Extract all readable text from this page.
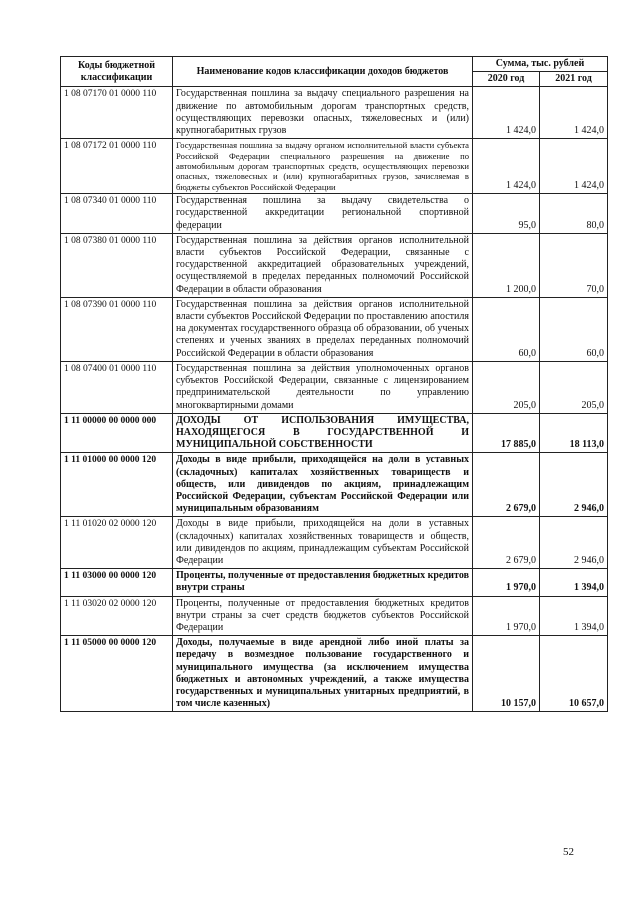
Коды бюджетной классификации	Наименование кодов классификации доходов бюджетов	Сумма, тыс. рублей	
		2020 год	2021 год
1 08 07170 01 0000 110	Государственная пошлина за выдачу специального разрешения на движение по автомобильным дорогам транспортных средств, осуществляющих перевозки опасных, тяжеловесных и (или) крупногабаритных грузов	1 424,0	1 424,0
1 08 07172 01 0000 110	Государственная пошлина за выдачу органом исполнительной власти субъекта Российской Федерации специального разрешения на движение по автомобильным дорогам транспортных средств, осуществляющих перевозки опасных, тяжеловесных и (или) крупногабаритных грузов, зачисляемая в бюджеты субъектов Российской Федерации	1 424,0	1 424,0
1 08 07340 01 0000 110	Государственная пошлина за выдачу свидетельства о государственной аккредитации региональной спортивной федерации	95,0	80,0
1 08 07380 01 0000 110	Государственная пошлина за действия органов исполнительной власти субъектов Российской Федерации, связанные с государственной аккредитацией образовательных учреждений, осуществляемой в пределах переданных полномочий Российской Федерации в области образования	1 200,0	70,0
1 08 07390 01 0000 110	Государственная пошлина за действия органов исполнительной власти субъектов Российской Федерации по проставлению апостиля на документах государственного образца об образовании, об ученых степенях и ученых званиях в пределах переданных полномочий Российской Федерации в области образования	60,0	60,0
1 08 07400 01 0000 110	Государственная пошлина за действия уполномоченных органов субъектов Российской Федерации, связанные с лицензированием предпринимательской деятельности по управлению многоквартирными домами	205,0	205,0
1 11 00000 00 0000 000	ДОХОДЫ ОТ ИСПОЛЬЗОВАНИЯ ИМУЩЕСТВА, НАХОДЯЩЕГОСЯ В ГОСУДАРСТВЕННОЙ И МУНИЦИПАЛЬНОЙ СОБСТВЕННОСТИ	17 885,0	18 113,0
1 11 01000 00 0000 120	Доходы в виде прибыли, приходящейся на доли в уставных (складочных) капиталах хозяйственных товариществ и обществ, или дивидендов по акциям, принадлежащим Российской Федерации, субъектам Российской Федерации или муниципальным образованиям	2 679,0	2 946,0
1 11 01020 02 0000 120	Доходы в виде прибыли, приходящейся на доли в уставных (складочных) капиталах хозяйственных товариществ и обществ, или дивидендов по акциям, принадлежащим субъектам Российской Федерации	2 679,0	2 946,0
1 11 03000 00 0000 120	Проценты, полученные от предоставления бюджетных кредитов внутри страны	1 970,0	1 394,0
1 11 03020 02 0000 120	Проценты, полученные от предоставления бюджетных кредитов внутри страны за счет средств бюджетов субъектов Российской Федерации	1 970,0	1 394,0
1 11 05000 00 0000 120	Доходы, получаемые в виде арендной либо иной платы за передачу в возмездное пользование государственного и муниципального имущества (за исключением имущества бюджетных и автономных учреждений, а также имущества государственных и муниципальных унитарных предприятий, в том числе казенных)	10 157,0	10 657,0
52
